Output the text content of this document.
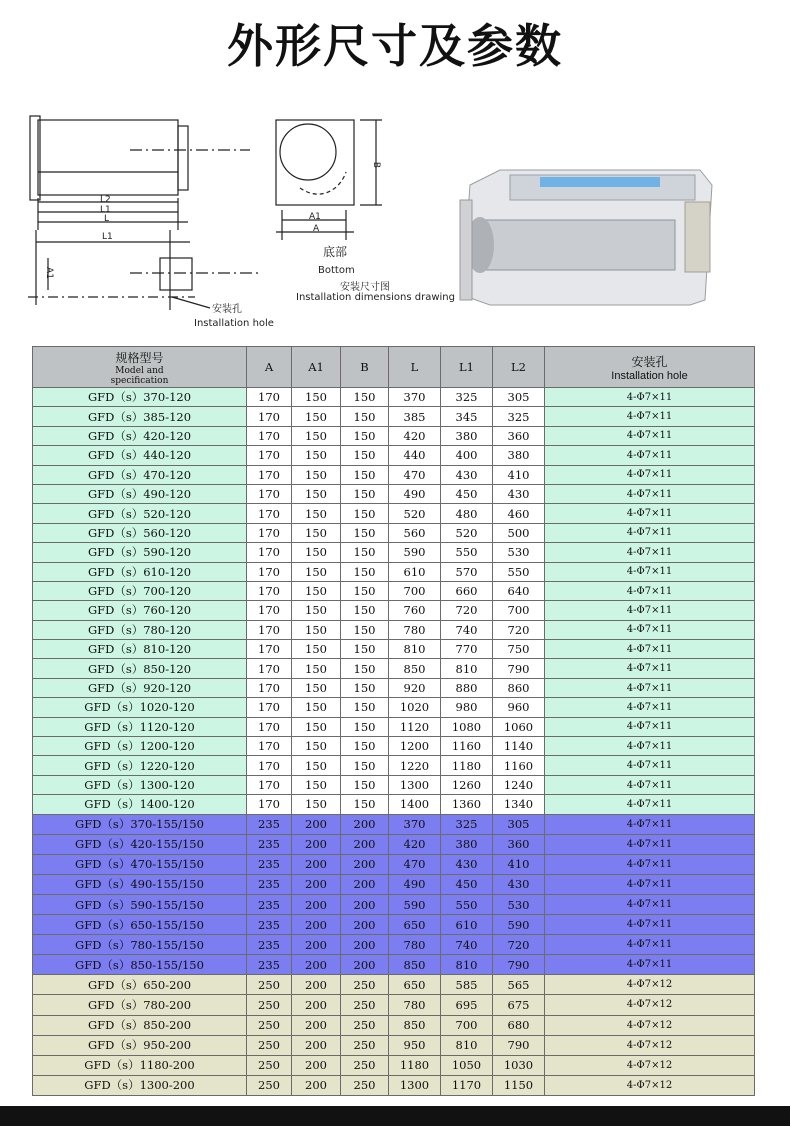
外形尺寸及参数
L2
L1
L
L1
A1
A1
A
B
底部
Bottom
安装尺寸图
Installation dimensions drawing
安装孔
Installation hole
规格型号
Model and
specification	A	A1	B	L	L1	L2	安装孔
Installation hole

GFD（s）370-120	170	150	150	370	325	305	4-Φ7×11
GFD（s）385-120	170	150	150	385	345	325	4-Φ7×11
GFD（s）420-120	170	150	150	420	380	360	4-Φ7×11
GFD（s）440-120	170	150	150	440	400	380	4-Φ7×11
GFD（s）470-120	170	150	150	470	430	410	4-Φ7×11
GFD（s）490-120	170	150	150	490	450	430	4-Φ7×11
GFD（s）520-120	170	150	150	520	480	460	4-Φ7×11
GFD（s）560-120	170	150	150	560	520	500	4-Φ7×11
GFD（s）590-120	170	150	150	590	550	530	4-Φ7×11
GFD（s）610-120	170	150	150	610	570	550	4-Φ7×11
GFD（s）700-120	170	150	150	700	660	640	4-Φ7×11
GFD（s）760-120	170	150	150	760	720	700	4-Φ7×11
GFD（s）780-120	170	150	150	780	740	720	4-Φ7×11
GFD（s）810-120	170	150	150	810	770	750	4-Φ7×11
GFD（s）850-120	170	150	150	850	810	790	4-Φ7×11
GFD（s）920-120	170	150	150	920	880	860	4-Φ7×11
GFD（s）1020-120	170	150	150	1020	980	960	4-Φ7×11
GFD（s）1120-120	170	150	150	1120	1080	1060	4-Φ7×11
GFD（s）1200-120	170	150	150	1200	1160	1140	4-Φ7×11
GFD（s）1220-120	170	150	150	1220	1180	1160	4-Φ7×11
GFD（s）1300-120	170	150	150	1300	1260	1240	4-Φ7×11
GFD（s）1400-120	170	150	150	1400	1360	1340	4-Φ7×11
GFD（s）370-155/150	235	200	200	370	325	305	4-Φ7×11
GFD（s）420-155/150	235	200	200	420	380	360	4-Φ7×11
GFD（s）470-155/150	235	200	200	470	430	410	4-Φ7×11
GFD（s）490-155/150	235	200	200	490	450	430	4-Φ7×11
GFD（s）590-155/150	235	200	200	590	550	530	4-Φ7×11
GFD（s）650-155/150	235	200	200	650	610	590	4-Φ7×11
GFD（s）780-155/150	235	200	200	780	740	720	4-Φ7×11
GFD（s）850-155/150	235	200	200	850	810	790	4-Φ7×11
GFD（s）650-200	250	200	250	650	585	565	4-Φ7×12
GFD（s）780-200	250	200	250	780	695	675	4-Φ7×12
GFD（s）850-200	250	200	250	850	700	680	4-Φ7×12
GFD（s）950-200	250	200	250	950	810	790	4-Φ7×12
GFD（s）1180-200	250	200	250	1180	1050	1030	4-Φ7×12
GFD（s）1300-200	250	200	250	1300	1170	1150	4-Φ7×12
